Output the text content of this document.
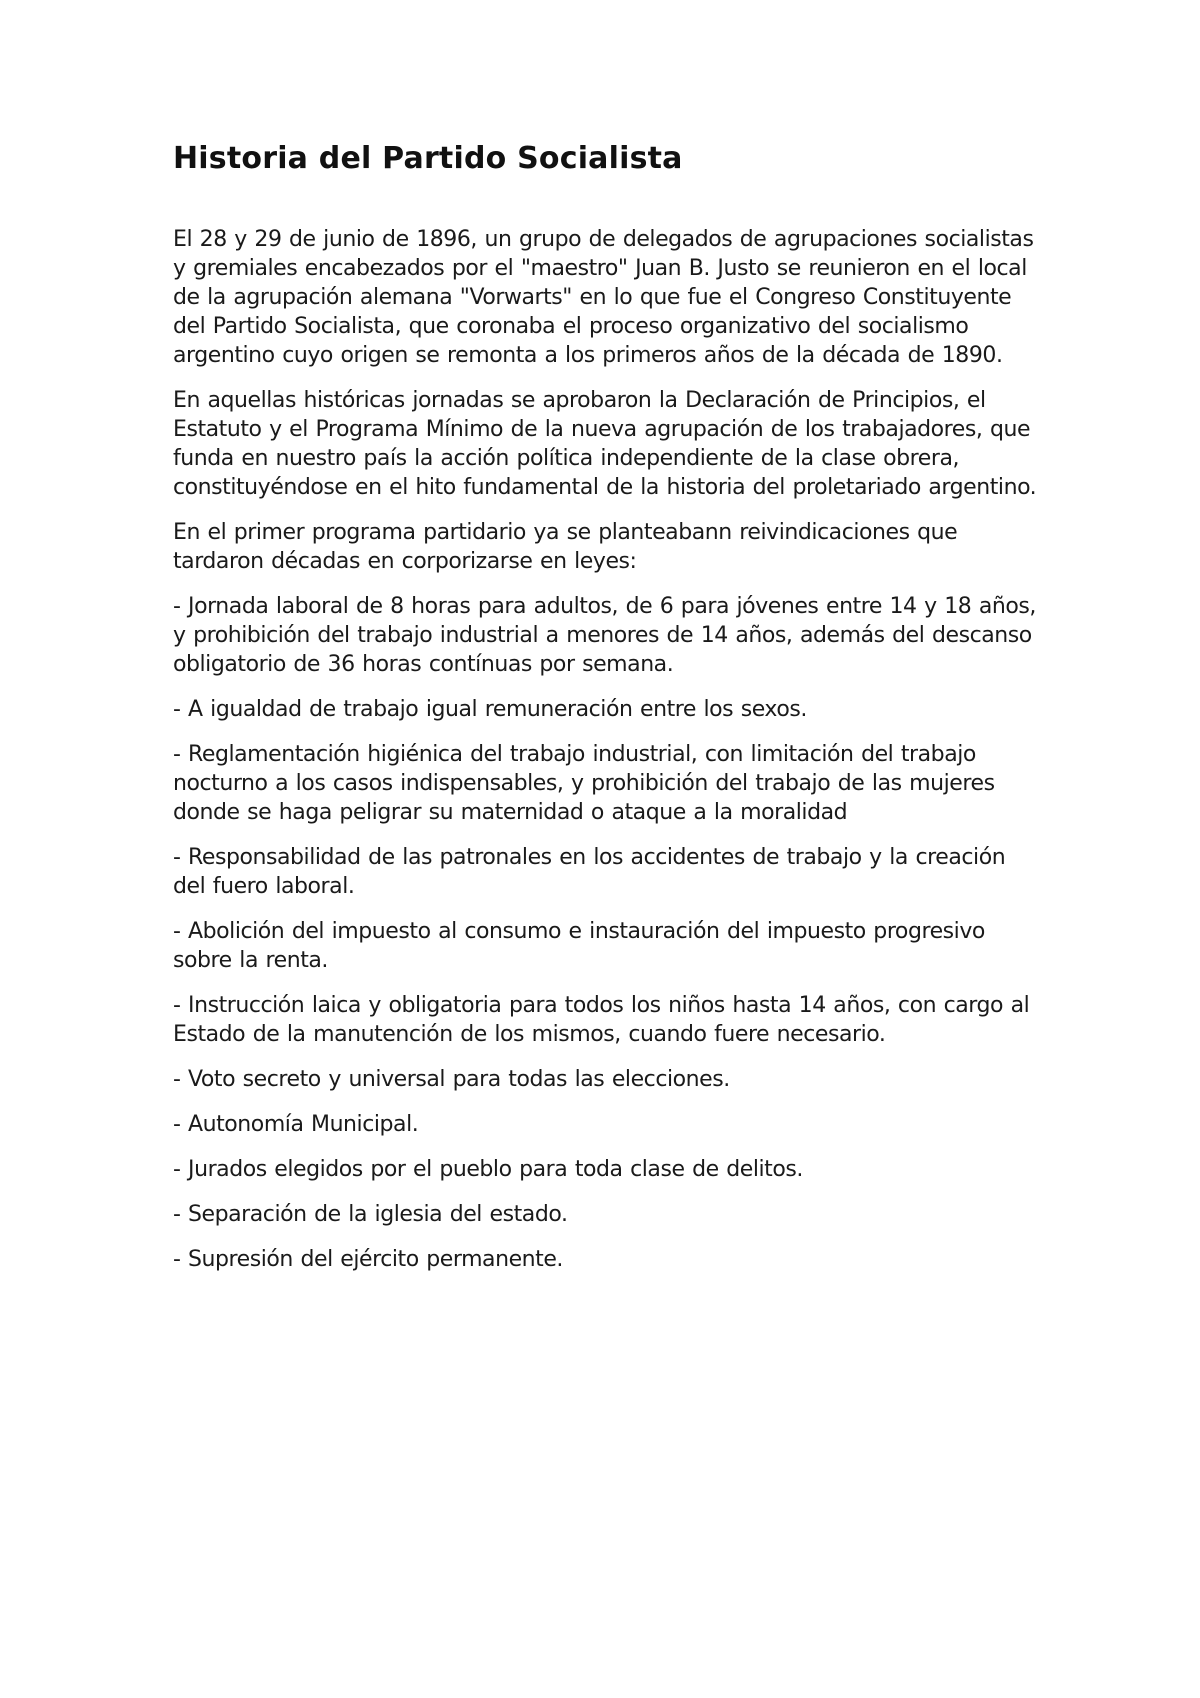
Historia del Partido Socialista

El 28 y 29 de junio de 1896, un grupo de delegados de agrupaciones socialistas y gremiales encabezados por el "maestro" Juan B. Justo se reunieron en el local de la agrupación alemana "Vorwarts" en lo que fue el Congreso Constituyente del Partido Socialista, que coronaba el proceso organizativo del socialismo argentino cuyo origen se remonta a los primeros años de la década de 1890.

En aquellas históricas jornadas se aprobaron la Declaración de Principios, el Estatuto y el Programa Mínimo de la nueva agrupación de los trabajadores, que funda en nuestro país la acción política independiente de la clase obrera, constituyéndose en el hito fundamental de la historia del proletariado argentino.

En el primer programa partidario ya se planteabann reivindicaciones que tardaron décadas en corporizarse en leyes:

- Jornada laboral de 8 horas para adultos, de 6 para jóvenes entre 14 y 18 años, y prohibición del trabajo industrial a menores de 14 años, además del descanso obligatorio de 36 horas contínuas por semana.

- A igualdad de trabajo igual remuneración entre los sexos.

- Reglamentación higiénica del trabajo industrial, con limitación del trabajo nocturno a los casos indispensables, y prohibición del trabajo de las mujeres donde se haga peligrar su maternidad o ataque a la moralidad

- Responsabilidad de las patronales en los accidentes de trabajo y la creación del fuero laboral.

- Abolición del impuesto al consumo e instauración del impuesto progresivo sobre la renta.

- Instrucción laica y obligatoria para todos los niños hasta 14 años, con cargo al Estado de la manutención de los mismos, cuando fuere necesario.

- Voto secreto y universal para todas las elecciones.

- Autonomía Municipal.

- Jurados elegidos por el pueblo para toda clase de delitos.

- Separación de la iglesia del estado.

- Supresión del ejército permanente.
